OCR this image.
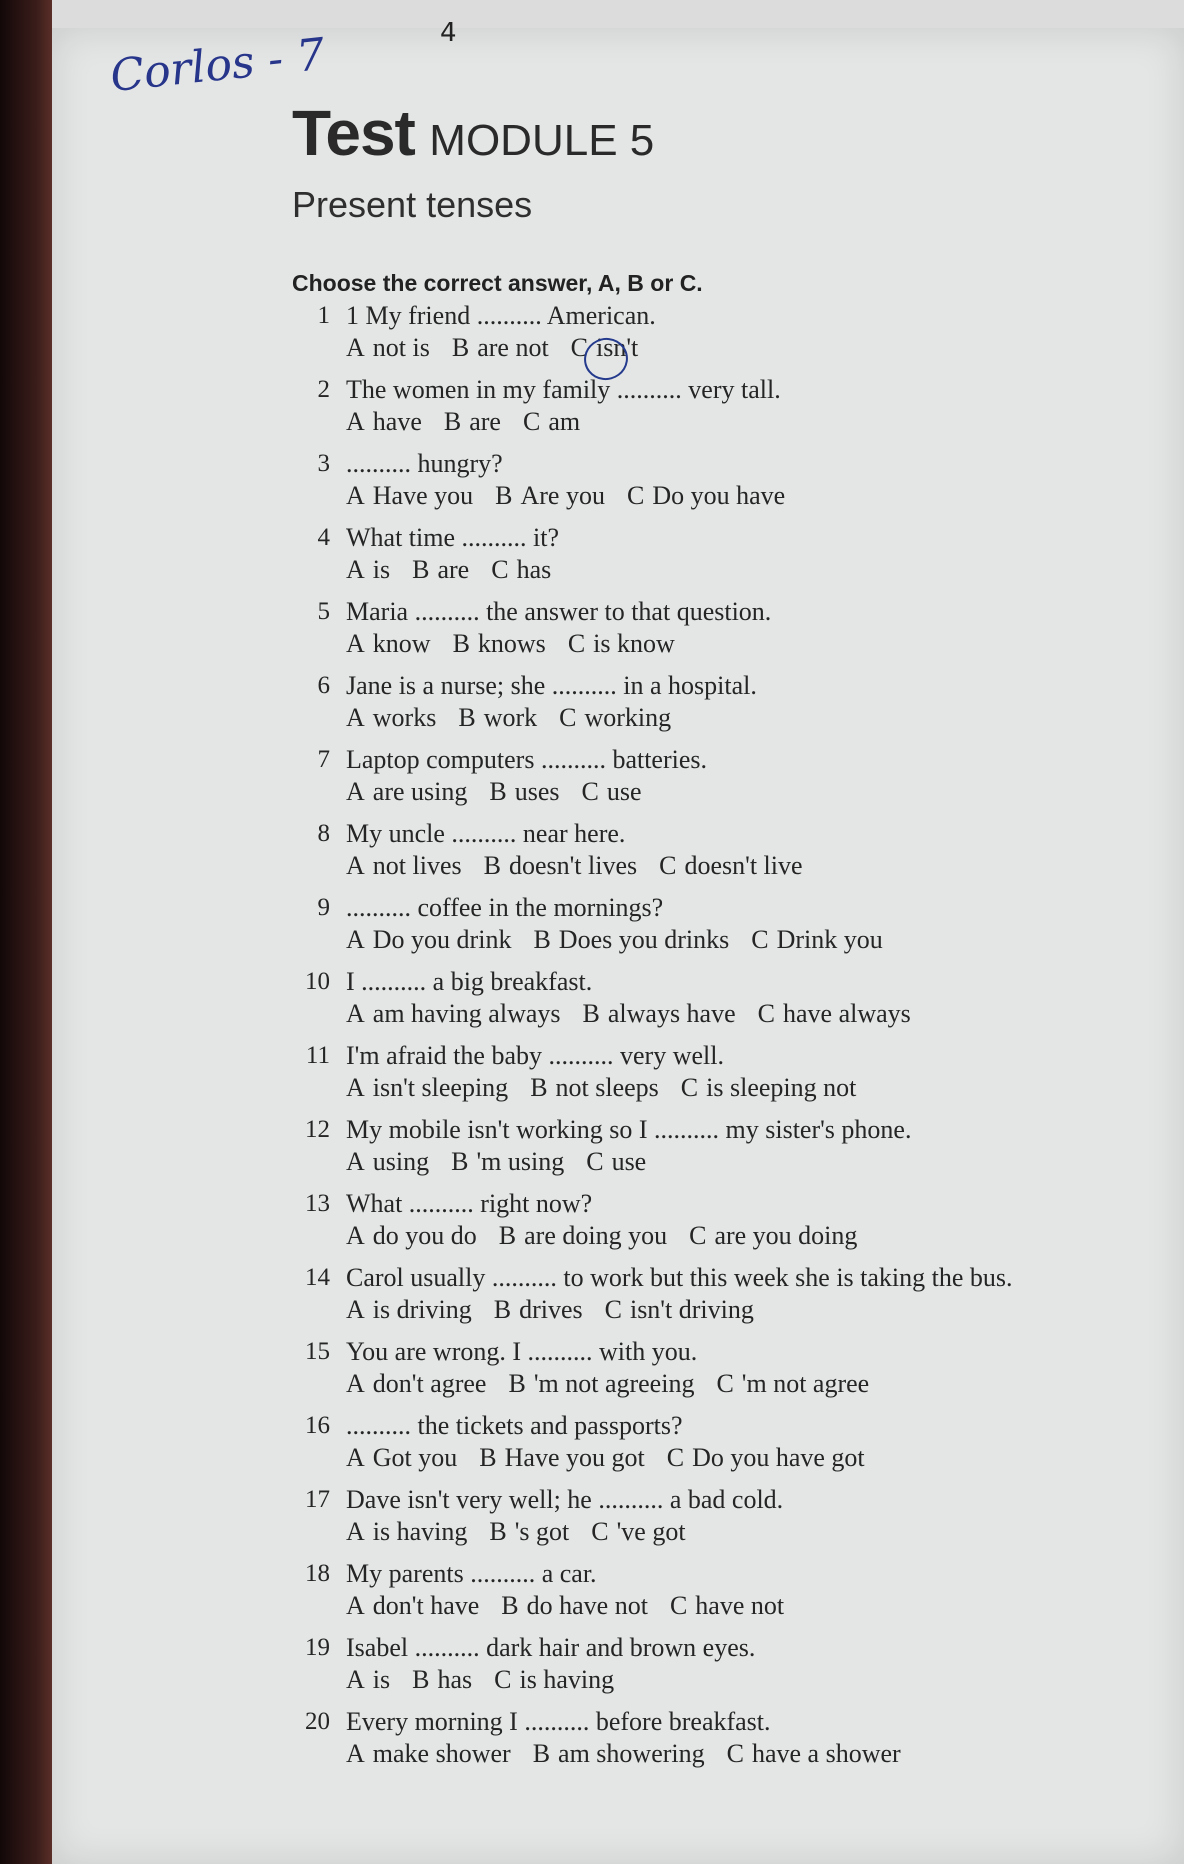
Corlos - 7	4
Test MODULE 5
Present tenses
Choose the correct answer, A, B or C.
1 1 My friend .......... American.
A not is B are not C isn't
2 The women in my family .......... very tall.
A have B are C am
3 .......... hungry?
A Have you B Are you C Do you have
4 What time .......... it?
A is B are C has
5 Maria .......... the answer to that question.
A know B knows C is know
6 Jane is a nurse; she .......... in a hospital.
A works B work C working
7 Laptop computers .......... batteries.
A are using B uses C use
8 My uncle .......... near here.
A not lives B doesn't lives C doesn't live
9 .......... coffee in the mornings?
A Do you drink B Does you drinks C Drink you
10 I .......... a big breakfast.
A am having always B always have C have always
11 I'm afraid the baby .......... very well.
A isn't sleeping B not sleeps C is sleeping not
12 My mobile isn't working so I .......... my sister's phone.
A using B 'm using C use
13 What .......... right now?
A do you do B are doing you C are you doing
14 Carol usually .......... to work but this week she is taking the bus.
A is driving B drives C isn't driving
15 You are wrong. I .......... with you.
A don't agree B 'm not agreeing C 'm not agree
16 .......... the tickets and passports?
A Got you B Have you got C Do you have got
17 Dave isn't very well; he .......... a bad cold.
A is having B 's got C 've got
18 My parents .......... a car.
A don't have B do have not C have not
19 Isabel .......... dark hair and brown eyes.
A is B has C is having
20 Every morning I .......... before breakfast.
A make shower B am showering C have a shower
